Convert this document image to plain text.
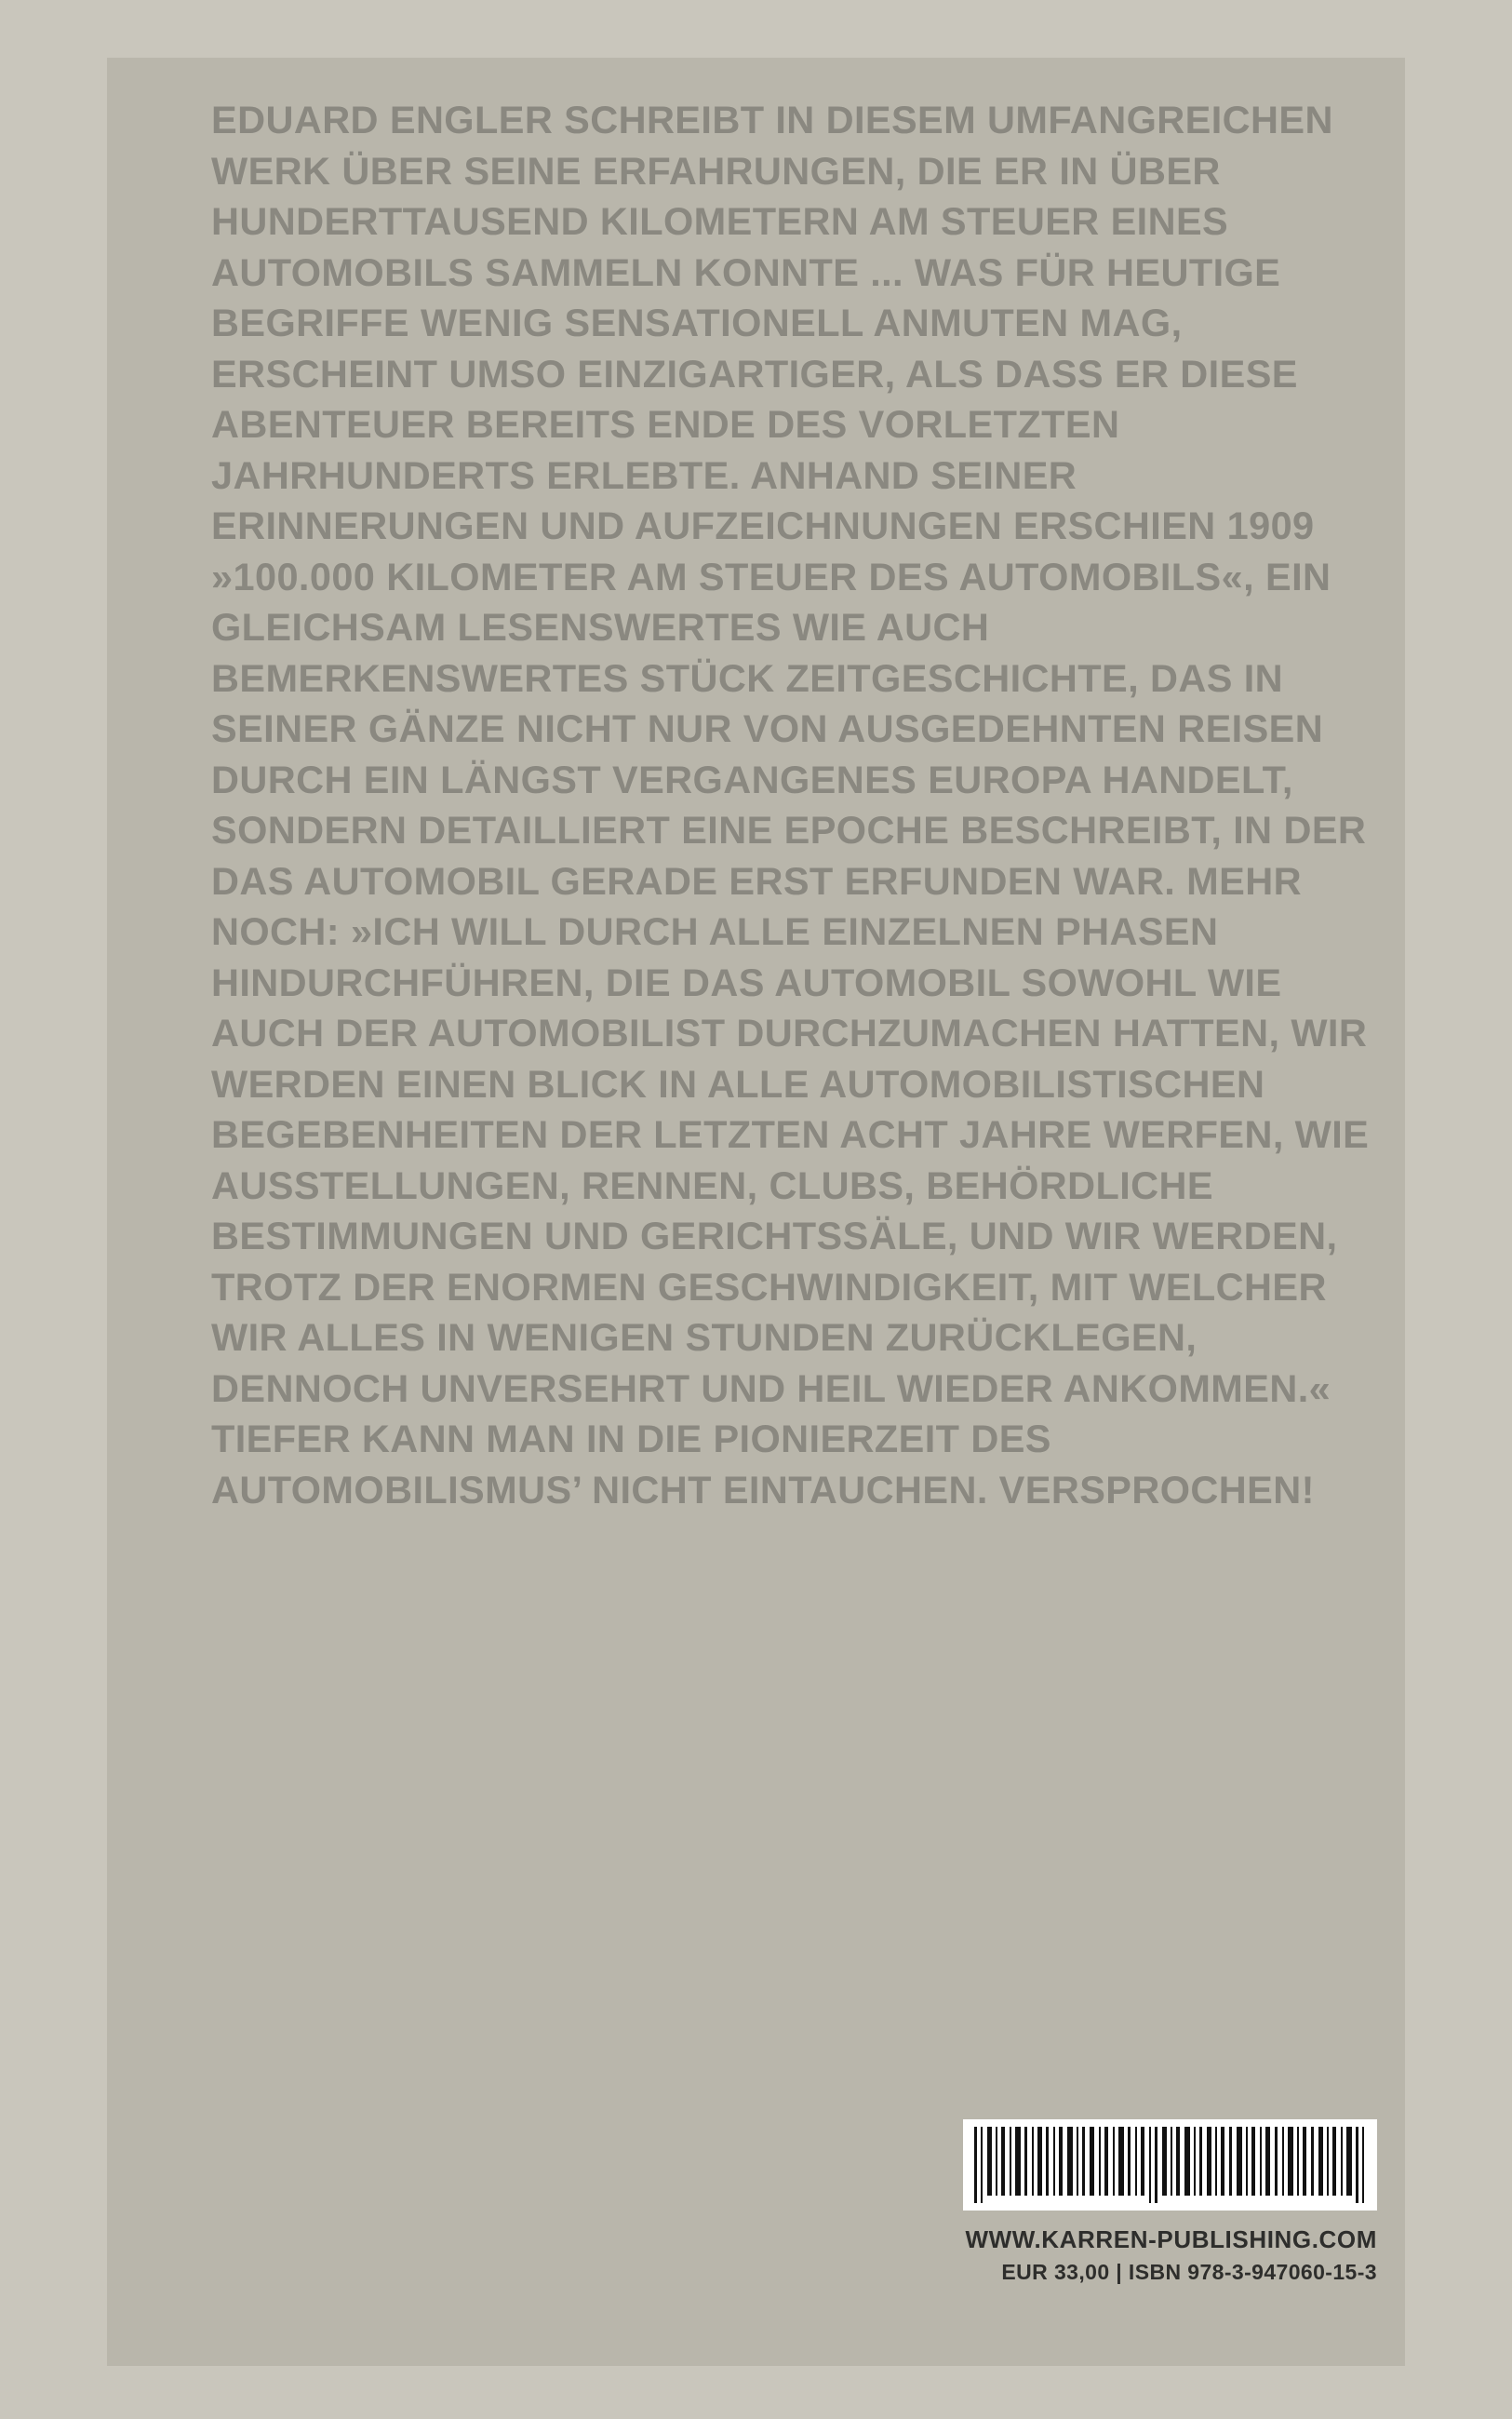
EDUARD ENGLER SCHREIBT IN DIESEM UMFANGREICHEN WERK ÜBER SEINE ERFAHRUNGEN, DIE ER IN ÜBER HUNDERTTAUSEND KILOMETERN AM STEUER EINES AUTOMOBILS SAMMELN KONNTE ... WAS FÜR HEUTIGE BEGRIFFE WENIG SENSATIONELL ANMUTEN MAG, ERSCHEINT UMSO EINZIGARTIGER, ALS DASS ER DIESE ABENTEUER BEREITS ENDE DES VORLETZTEN JAHRHUNDERTS ERLEBTE. ANHAND SEINER ERINNERUNGEN UND AUFZEICHNUNGEN ERSCHIEN 1909 »100.000 KILOMETER AM STEUER DES AUTOMOBILS«, EIN GLEICHSAM LESENSWERTES WIE AUCH BEMERKENSWERTES STÜCK ZEITGESCHICHTE, DAS IN SEINER GÄNZE NICHT NUR VON AUSGEDEHNTEN REISEN DURCH EIN LÄNGST VERGANGENES EUROPA HANDELT, SONDERN DETAILLIERT EINE EPOCHE BESCHREIBT, IN DER DAS AUTOMOBIL GERADE ERST ERFUNDEN WAR. MEHR NOCH: »ICH WILL DURCH ALLE EINZELNEN PHASEN HINDURCHFÜHREN, DIE DAS AUTOMOBIL SOWOHL WIE AUCH DER AUTOMOBILIST DURCHZUMACHEN HATTEN, WIR WERDEN EINEN BLICK IN ALLE AUTOMOBILISTISCHEN BEGEBENHEITEN DER LETZTEN ACHT JAHRE WERFEN, WIE AUSSTELLUNGEN, RENNEN, CLUBS, BEHÖRDLICHE BESTIMMUNGEN UND GERICHTSSÄLE, UND WIR WERDEN, TROTZ DER ENORMEN GESCHWINDIGKEIT, MIT WELCHER WIR ALLES IN WENIGEN STUNDEN ZURÜCKLEGEN, DENNOCH UNVERSEHRT UND HEIL WIEDER ANKOMMEN.« TIEFER KANN MAN IN DIE PIONIERZEIT DES AUTOMOBILISMUS’ NICHT EINTAUCHEN. VERSPROCHEN!
WWW.KARREN-PUBLISHING.COM
EUR 33,00 | ISBN 978-3-947060-15-3
